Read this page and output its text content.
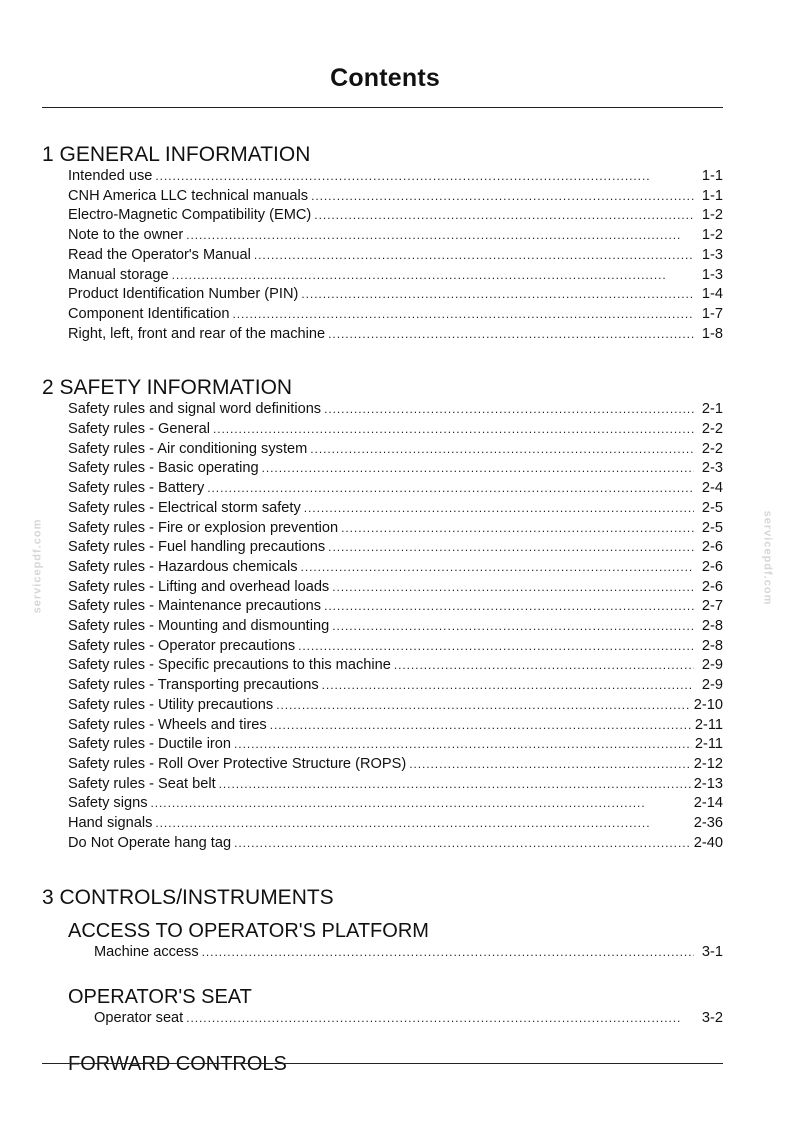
Contents
servicepdf.com	servicepdf.com
1 GENERAL INFORMATION
Intended use . . .	1-1
CNH America LLC technical manuals . . .	1-1
Electro-Magnetic Compatibility (EMC) . . .	1-2
Note to the owner . . .	1-2
Read the Operator's Manual . . .	1-3
Manual storage . . .	1-3
Product Identification Number (PIN) . . .	1-4
Component Identification . . .	1-7
Right, left, front and rear of the machine . . .	1-8
2 SAFETY INFORMATION
Safety rules and signal word definitions . . .	2-1
Safety rules - General . . .	2-2
Safety rules - Air conditioning system . . .	2-2
Safety rules - Basic operating . . .	2-3
Safety rules - Battery . . .	2-4
Safety rules - Electrical storm safety . . .	2-5
Safety rules - Fire or explosion prevention . . .	2-5
Safety rules - Fuel handling precautions . . .	2-6
Safety rules - Hazardous chemicals . . .	2-6
Safety rules - Lifting and overhead loads . . .	2-6
Safety rules - Maintenance precautions . . .	2-7
Safety rules - Mounting and dismounting . . .	2-8
Safety rules - Operator precautions . . .	2-8
Safety rules - Specific precautions to this machine . . .	2-9
Safety rules - Transporting precautions . . .	2-9
Safety rules - Utility precautions . . .	2-10
Safety rules - Wheels and tires . . .	2-11
Safety rules - Ductile iron . . .	2-11
Safety rules - Roll Over Protective Structure (ROPS) . . .	2-12
Safety rules - Seat belt . . .	2-13
Safety signs . . .	2-14
Hand signals . . .	2-36
Do Not Operate hang tag . . .	2-40
3 CONTROLS/INSTRUMENTS
ACCESS TO OPERATOR'S PLATFORM
Machine access . . .	3-1
OPERATOR'S SEAT
Operator seat . . .	3-2
FORWARD CONTROLS
